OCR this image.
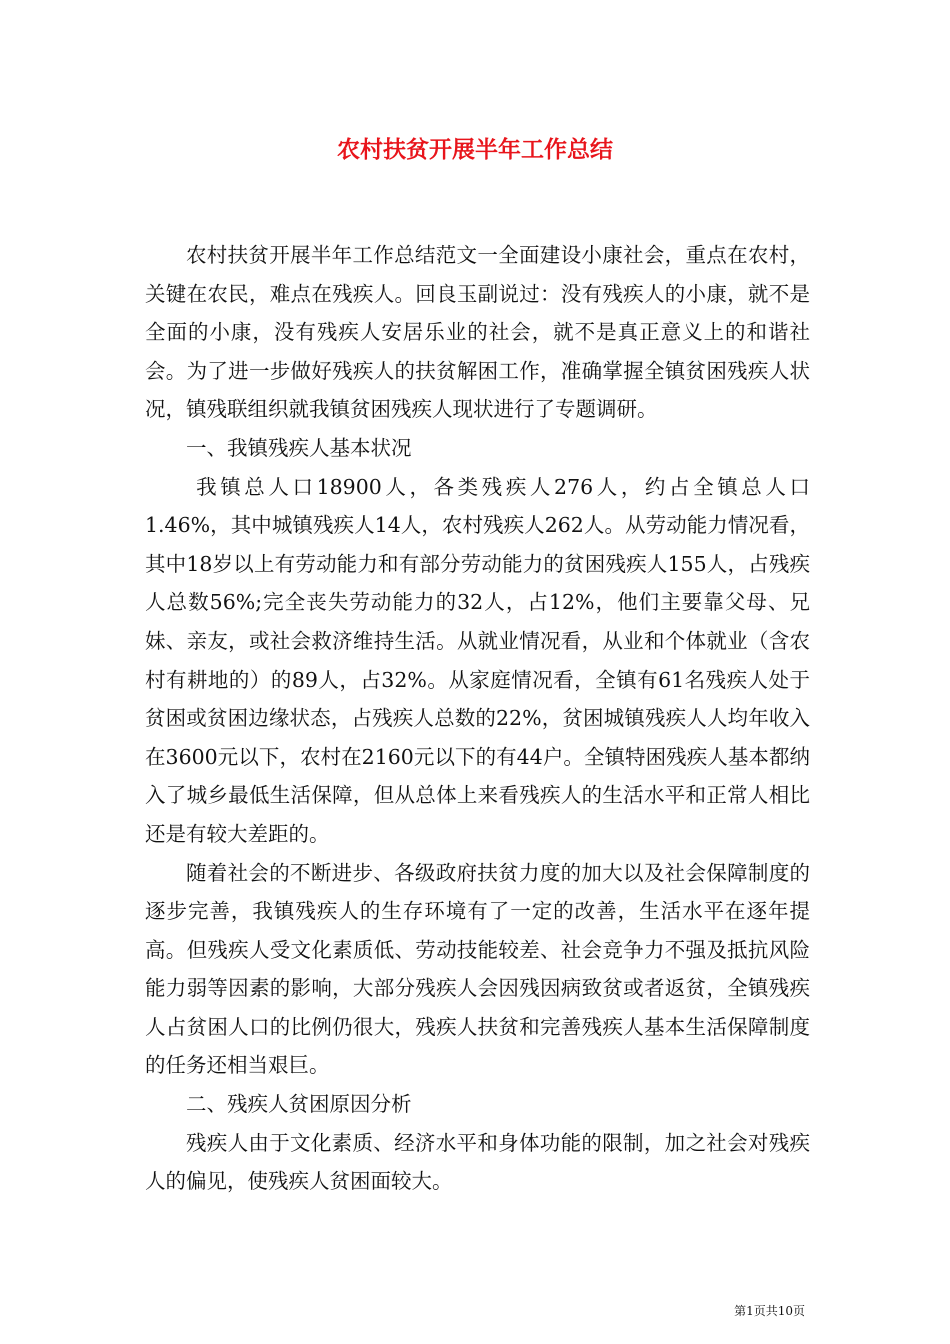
农村扶贫开展半年工作总结

农村扶贫开展半年工作总结范文一全面建设小康社会，重点在农村，关键在农民，难点在残疾人。回良玉副说过：没有残疾人的小康，就不是全面的小康，没有残疾人安居乐业的社会，就不是真正意义上的和谐社会。为了进一步做好残疾人的扶贫解困工作，准确掌握全镇贫困残疾人状况，镇残联组织就我镇贫困残疾人现状进行了专题调研。

一、我镇残疾人基本状况

我镇总人口18900人，各类残疾人276人，约占全镇总人口1.46%，其中城镇残疾人14人，农村残疾人262人。从劳动能力情况看，其中18岁以上有劳动能力和有部分劳动能力的贫困残疾人155人，占残疾人总数56%;完全丧失劳动能力的32人，占12%，他们主要靠父母、兄妹、亲友，或社会救济维持生活。从就业情况看，从业和个体就业（含农村有耕地的）的89人，占32%。从家庭情况看，全镇有61名残疾人处于贫困或贫困边缘状态，占残疾人总数的22%，贫困城镇残疾人人均年收入在3600元以下，农村在2160元以下的有44户。全镇特困残疾人基本都纳入了城乡最低生活保障，但从总体上来看残疾人的生活水平和正常人相比还是有较大差距的。

随着社会的不断进步、各级政府扶贫力度的加大以及社会保障制度的逐步完善，我镇残疾人的生存环境有了一定的改善，生活水平在逐年提高。但残疾人受文化素质低、劳动技能较差、社会竞争力不强及抵抗风险能力弱等因素的影响，大部分残疾人会因残因病致贫或者返贫，全镇残疾人占贫困人口的比例仍很大，残疾人扶贫和完善残疾人基本生活保障制度的任务还相当艰巨。

二、残疾人贫困原因分析

残疾人由于文化素质、经济水平和身体功能的限制，加之社会对残疾人的偏见，使残疾人贫困面较大。

第1页共10页
